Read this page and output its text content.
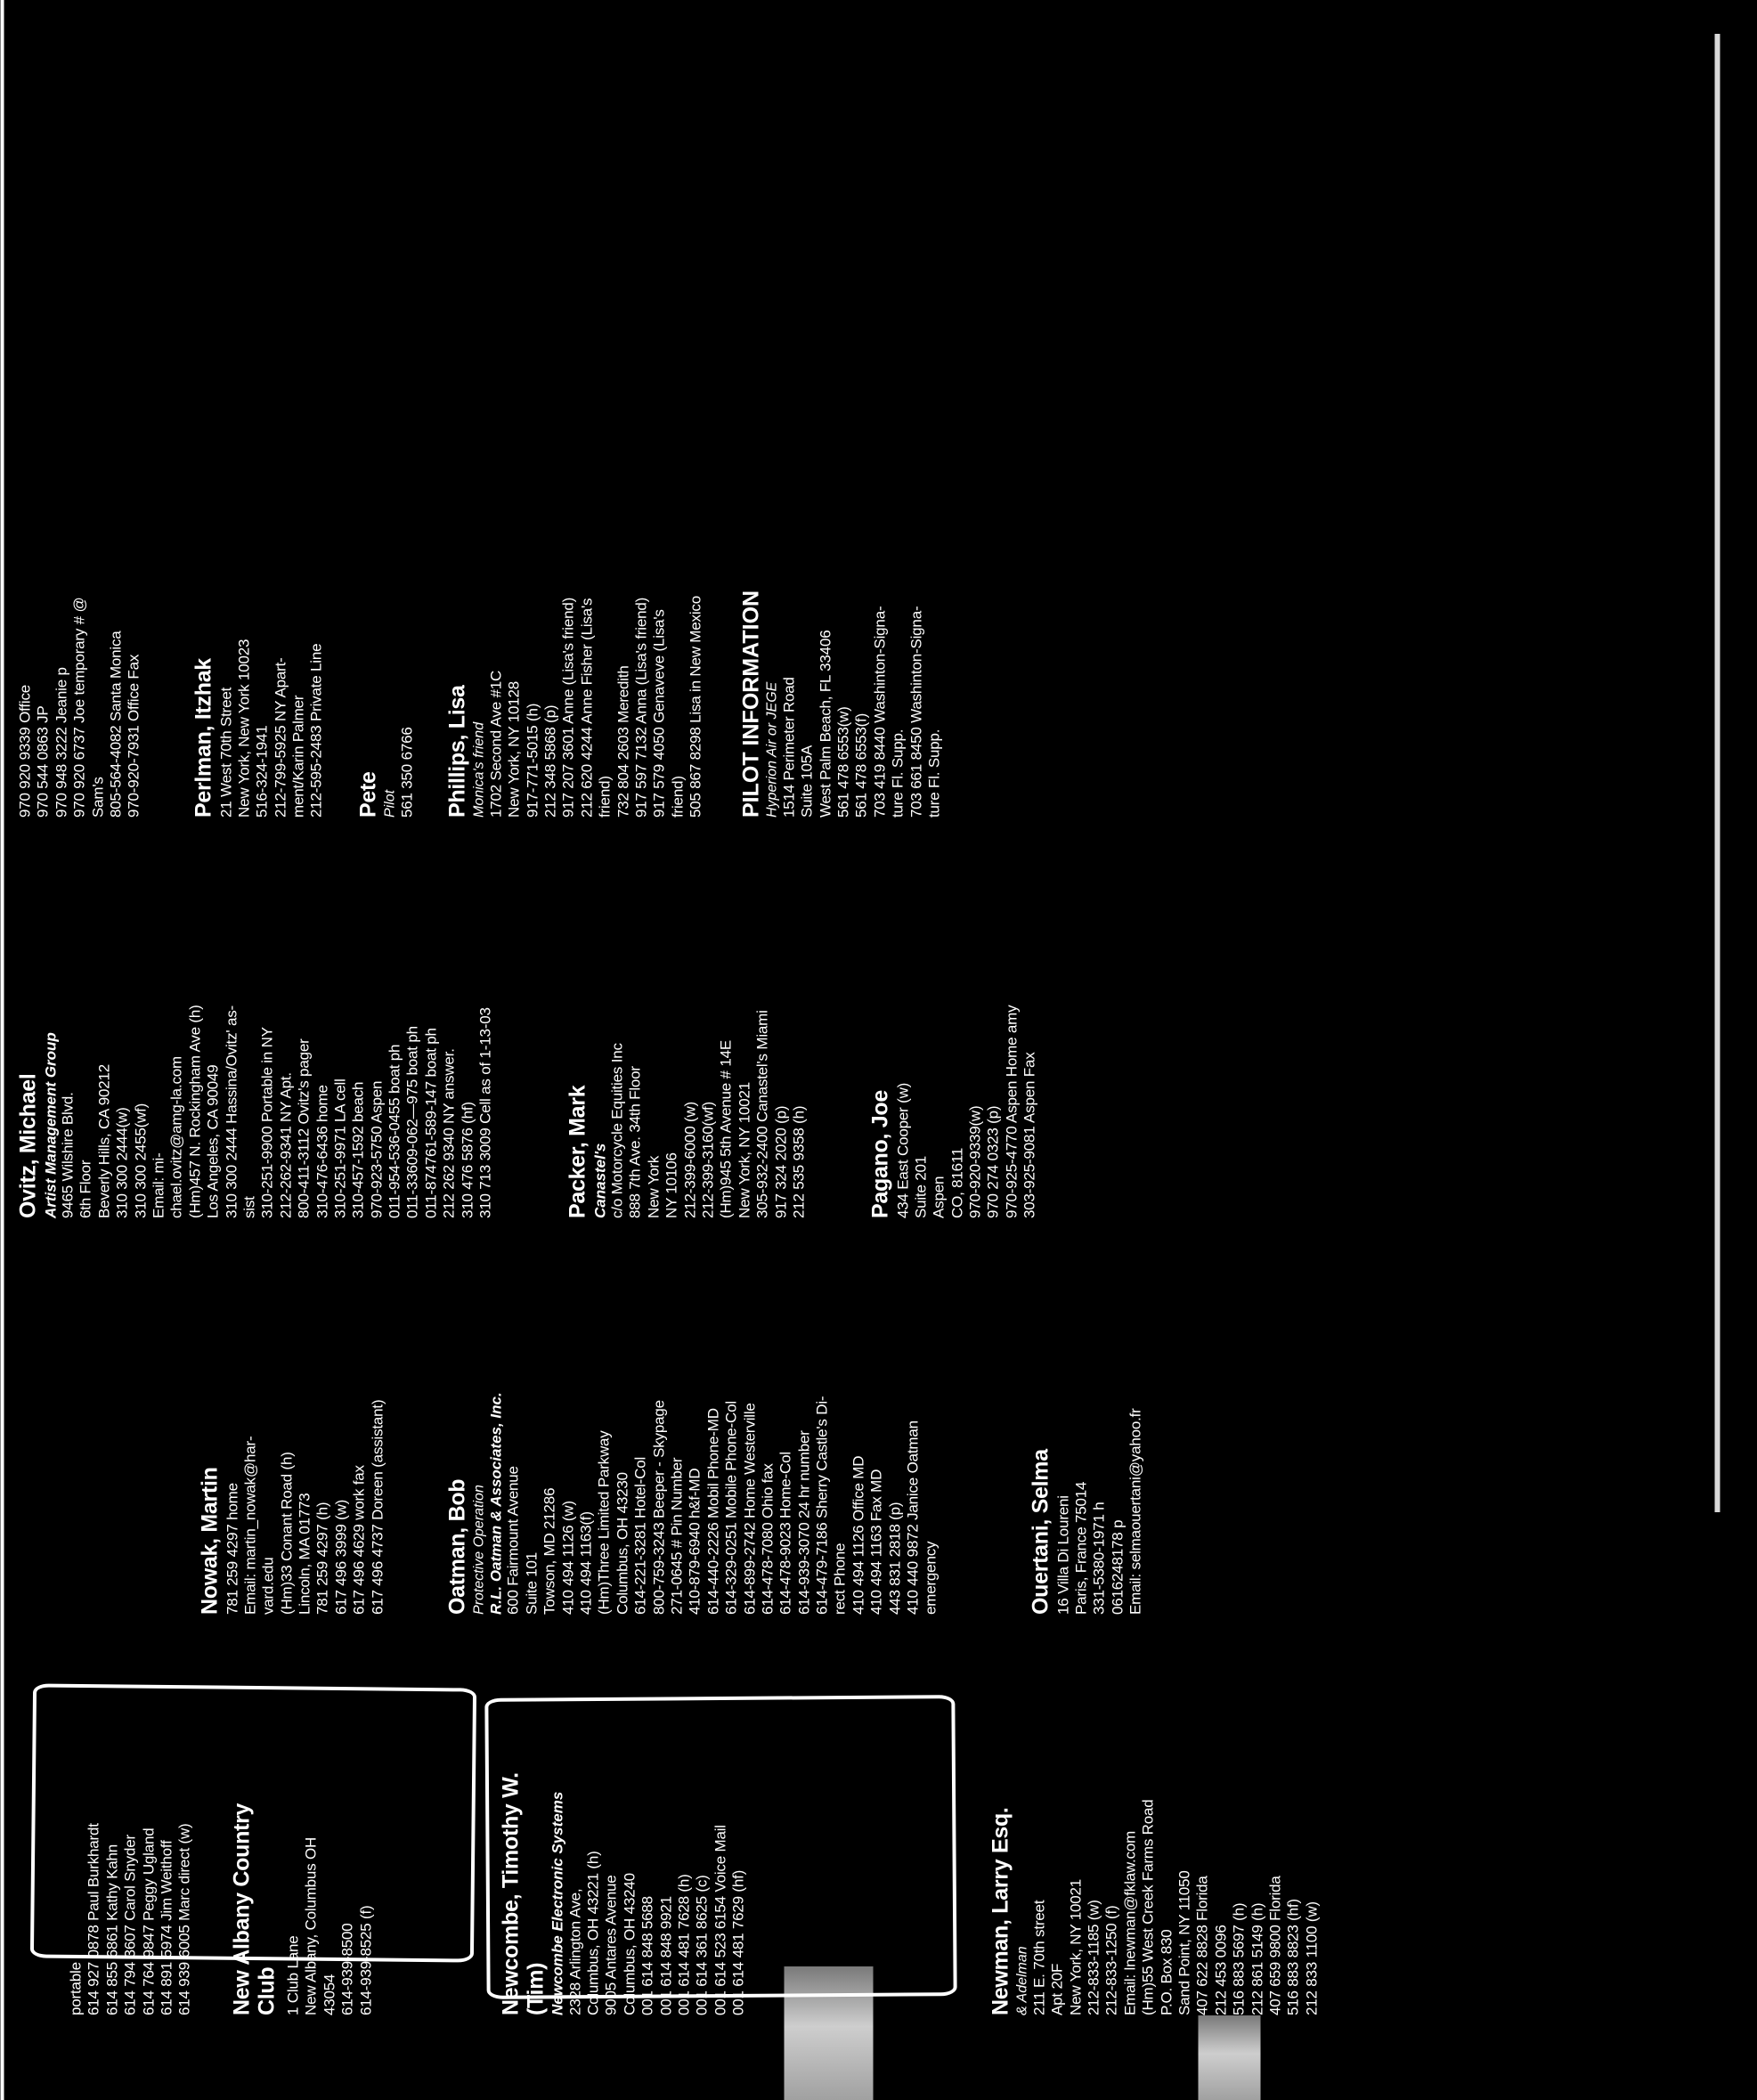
970 920 9339 Office 970 544 0863 JP 970 948 3222 Jeanie p 970 920 6737 Joe temporary # @ Sam's 805-564-4082 Santa Monica 970-920-7931 Office Fax Perlman, Itzhak 21 West 70th Street New York, New York 10023 516-324-1941 212-799-5925 NY Apart- ment/Karin Palmer 212-595-2483 Private Line Pete Pilot 561 350 6766 Phillips, Lisa Monica's friend 1702 Second Ave #1C New York, NY 10128 917-771-5015 (h) 212 348 5868 (p) 917 207 3601 Anne (Lisa's friend) 212 620 4244 Anne Fisher (Lisa's friend) 732 804 2603 Meredith 917 597 7132 Anna (Lisa's friend) 917 579 4050 Genaveve (Lisa's friend) 505 867 8298 Lisa in New Mexico PILOT INFORMATION Hyperion Air or JEGE 1514 Perimeter Road Suite 105A West Palm Beach, FL 33406 561 478 6553(w) 561 478 6553(f) 703 419 8440 Washinton-Signa- ture Fl. Supp. 703 661 8450 Washinton-Signa- ture Fl. Supp.
Ovitz, Michael Artist Management Group 9465 Wilshire Blvd. 6th Floor Beverly Hills, CA 90212 310 300 2444(w) 310 300 2455(wf) Email: mi- chael.ovitz@amg-la.com (Hm)457 N. Rockingham Ave (h) Los Angeles, CA 90049 310 300 2444 Hassina/Ovitz' as- sist 310-251-9900 Portable in NY 212-262-9341 NY Apt. 800-411-3112 Ovitz's pager 310-476-6436 home 310-251-9971 LA cell 310-457-1592 beach 970-923-5750 Aspen 011-954-536-0455 boat ph 011-33609-062—975 boat ph 011-874761-589-147 boat ph 212 262 9340 NY answer. 310 476 5876 (hf) 310 713 3009 Cell as of 1-13-03	Packer, Mark Canastel's c/o Motorcycle Equities Inc 888 7th Ave. 34th Floor New York NY 10106 212-399-6000 (w) 212-399-3160(wf) (Hm)945 5th Avenue # 14E New York, NY 10021 305-932-2400 Canastel's Miami 917 324 2020 (p) 212 535 9358 (h)	Pagano, Joe 434 East Cooper (w) Suite 201 Aspen CO, 81611 970-920-9339(w) 970 274 0323 (p) 970-925-4770 Aspen Home amy 303-925-9081 Aspen Fax
Nowak, Martin 781 259 4297 home Email: martin_nowak@har- vard.edu (Hm)33 Conant Road (h) Lincoln, MA 01773 781 259 4297 (h) 617 496 3999 (w) 617 496 4629 work fax 617 496 4737 Doreen (assistant)	Oatman, Bob Protective Operation R.L. Oatman & Associates, Inc. 600 Fairmount Avenue Suite 101 Towson, MD 21286 410 494 1126 (w) 410 494 1163(f) (Hm)Three Limited Parkway Columbus, OH 43230 614-221-3281 Hotel-Col 800-759-3243 Beeper - Skypage 271-0645 # Pin Number 410-879-6940 h&f-MD 614-440-2226 Mobil Phone-MD 614-329-0251 Mobile Phone-Col 614-899-2742 Home Westerville 614-478-7080 Ohio fax 614-478-9023 Home-Col 614-939-3070 24 hr number 614-479-7186 Sherry Castle's Di- rect Phone 410 494 1126 Office MD 410 494 1163 Fax MD 443 831 2818 (p) 410 440 9872 Janice Oatman emergency	Ouertani, Selma 16 Villa Di Loureni Paris, France 75014 331-5380-1971 h 0616248178 p Email: selmaouertani@yahoo.fr
portable 614 927 0878 Paul Burkhardt 614 855 6861 Kathy Kahn 614 794 3607 Carol Snyder 614 764 9847 Peggy Ugland 614 891 5974 Jim Weithoff 614 939 6005 Marc direct (w) New Albany Country Club 1 Club Lane New Albany, Columbus OH 43054 614-939-8500 614-939-8525 (f)	Newcombe, Timothy W. (Tim) Newcombe Electronic Systems 2328 Arlington Ave, Columbus, OH 43221 (h) 9005 Antares Avenue Columbus, OH 43240 001 614 848 5688 001 614 848 9921 001 614 481 7628 (h) 001 614 361 8625 (c) 001 614 523 6154 Voice Mail 001 614 481 7629 (hf)	Newman, Larry Esq. & Adelman 211 E. 70th street Apt 20F New York, NY 10021 212-833-1185 (w) 212-833-1250 (f) Email: lnewman@fklaw.com (Hm)55 West Creek Farms Road P.O. Box 830 Sand Point, NY 11050 407 622 8828 Florida 212 453 0096 516 883 5697 (h) 212 861 5149 (h) 407 659 9800 Florida 516 883 8823 (hf) 212 833 1100 (w)
